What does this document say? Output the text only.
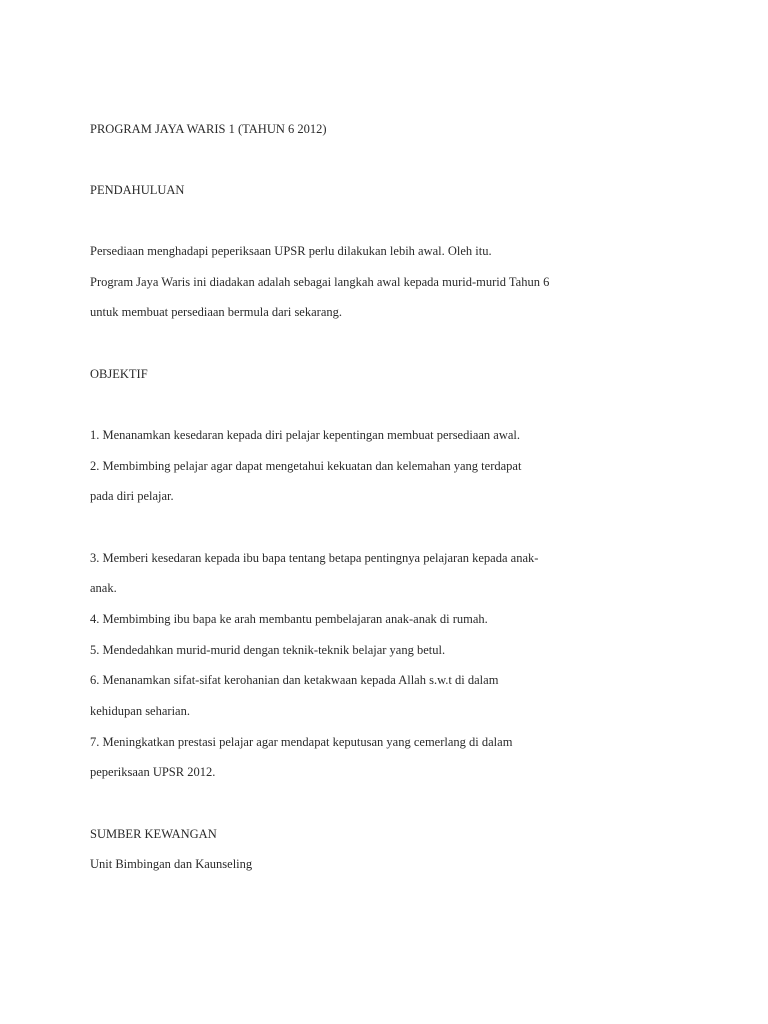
PROGRAM JAYA WARIS 1 (TAHUN 6 2012)
PENDAHULUAN
Persediaan menghadapi peperiksaan UPSR perlu dilakukan lebih awal. Oleh itu.
Program Jaya Waris ini diadakan adalah sebagai langkah awal kepada murid-murid Tahun 6
untuk membuat persediaan bermula dari sekarang.
OBJEKTIF
1. Menanamkan kesedaran kepada diri pelajar kepentingan membuat persediaan awal.
2. Membimbing pelajar agar dapat mengetahui kekuatan dan kelemahan yang terdapat
pada diri pelajar.
3. Memberi kesedaran kepada ibu bapa tentang betapa pentingnya pelajaran kepada anak-
anak.
4. Membimbing ibu bapa ke arah membantu pembelajaran anak-anak di rumah.
5. Mendedahkan murid-murid dengan teknik-teknik belajar yang betul.
6. Menanamkan sifat-sifat kerohanian dan ketakwaan kepada Allah s.w.t di dalam
kehidupan seharian.
7. Meningkatkan prestasi pelajar agar mendapat keputusan yang cemerlang di dalam
peperiksaan UPSR 2012.
SUMBER KEWANGAN
Unit Bimbingan dan Kaunseling
